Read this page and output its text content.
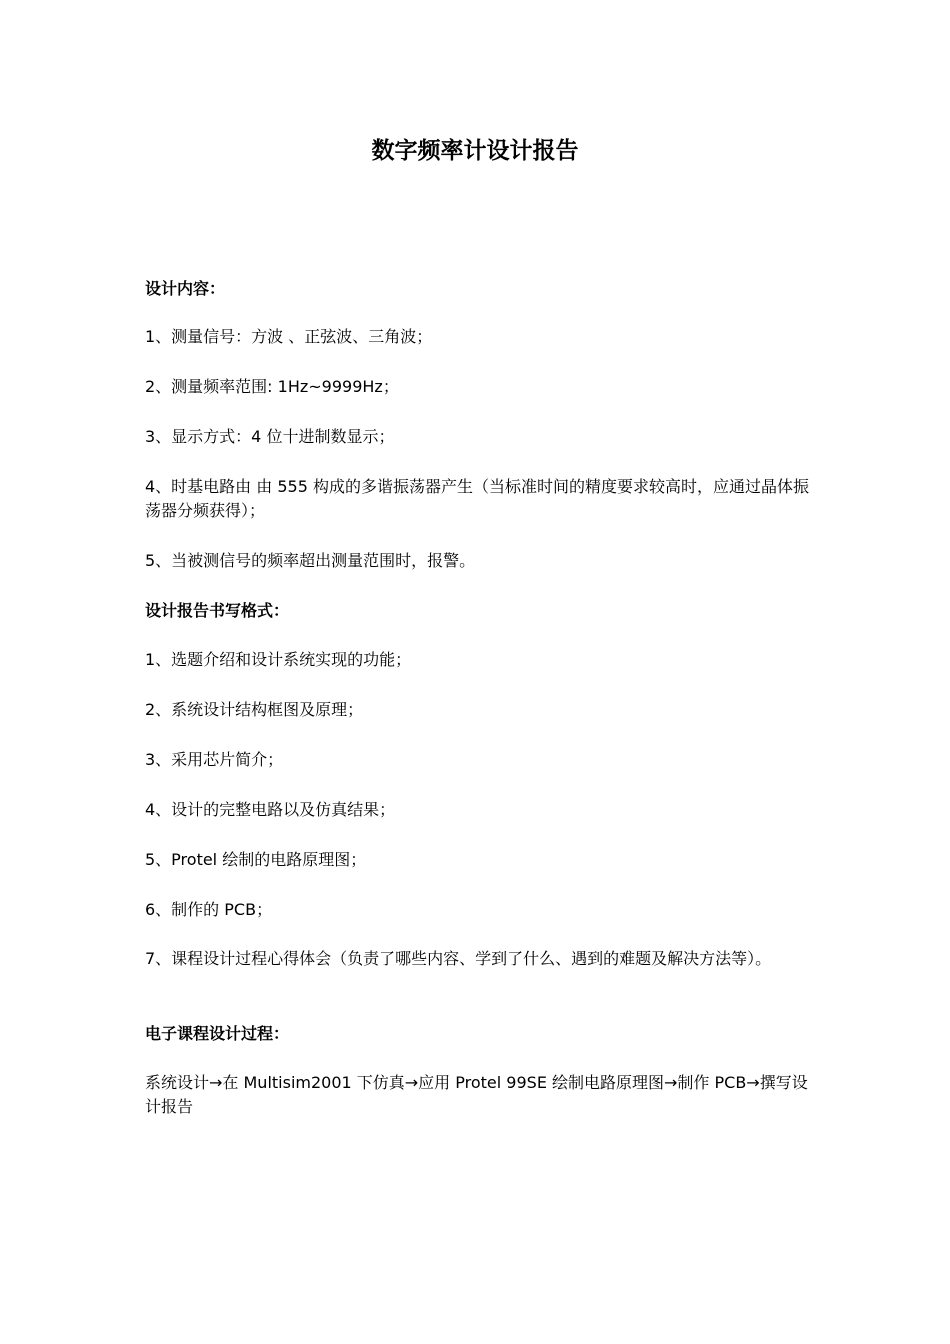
数字频率计设计报告

设计内容：

1、测量信号：方波 、正弦波、三角波；

2、测量频率范围: 1Hz~9999Hz；

3、显示方式：4 位十进制数显示；

4、时基电路由 由 555 构成的多谐振荡器产生（当标准时间的精度要求较高时，应通过晶体振荡器分频获得）；

5、当被测信号的频率超出测量范围时，报警。

设计报告书写格式：

1、选题介绍和设计系统实现的功能；

2、系统设计结构框图及原理；

3、采用芯片简介；

4、设计的完整电路以及仿真结果；

5、Protel 绘制的电路原理图；

6、制作的 PCB；

7、课程设计过程心得体会（负责了哪些内容、学到了什么、遇到的难题及解决方法等）。

电子课程设计过程：

系统设计→在 Multisim2001 下仿真→应用 Protel 99SE 绘制电路原理图→制作 PCB→撰写设计报告
